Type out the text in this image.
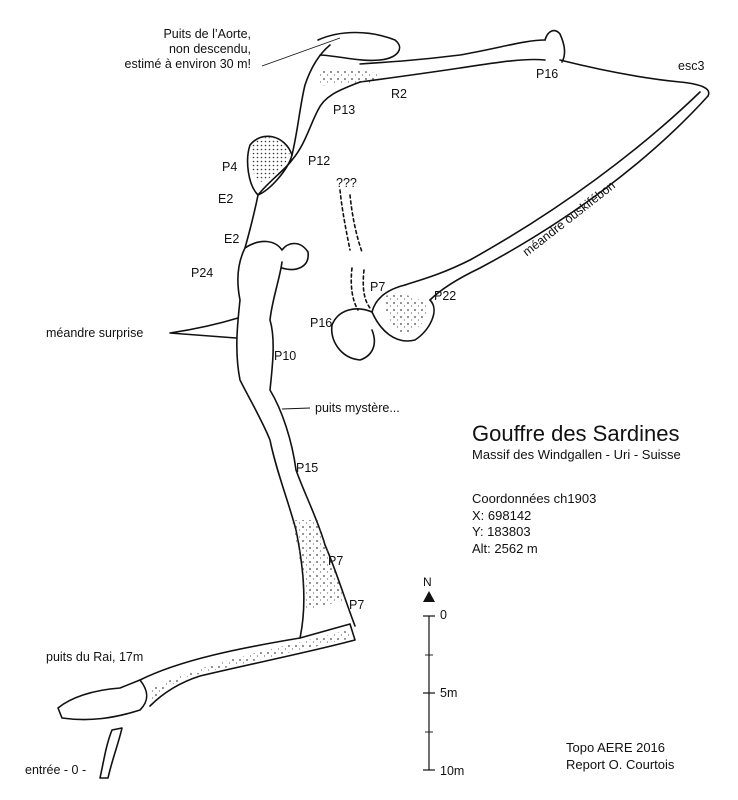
Puits de l’Aorte,
non descendu,
estimé à environ 30 m!
P13
R2
P16
esc3
P12
P4
E2
E2
???	méandre ouskifébon
P24
P7
P22
P16
méandre surprise
P10
puits mystère...
P15
P7
P7
puits du Rai, 17m
entrée - 0 -
Gouffre des Sardines

Massif des Windgallen - Uri - Suisse

Coordonnées ch1903
X: 698142
Y: 183803
Alt: 2562 m
N
0
5m
10m
Topo AERE 2016
Report O. Courtois
